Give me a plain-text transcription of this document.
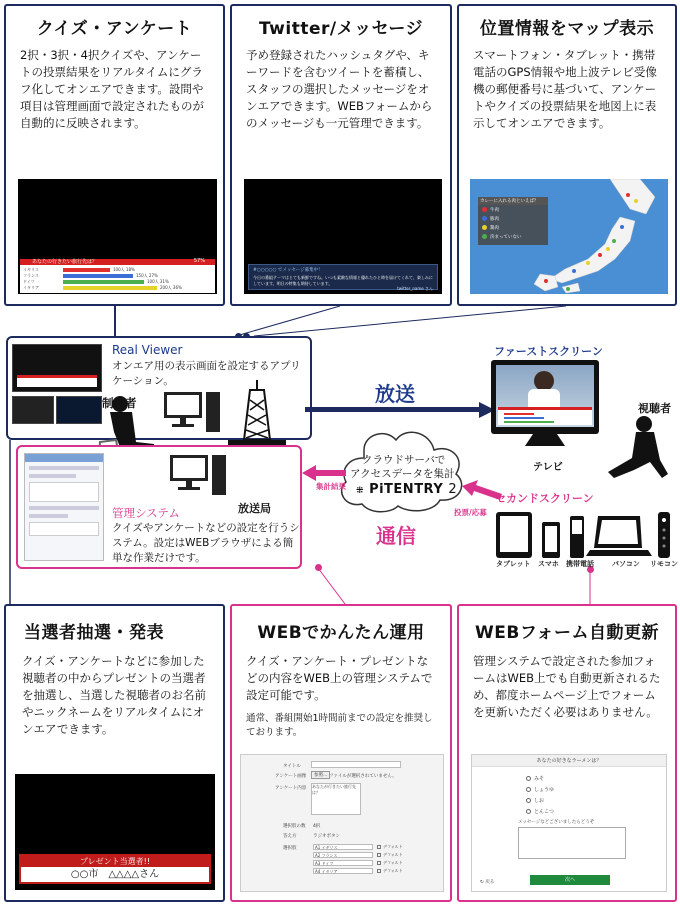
クイズ・アンケート

2択・3択・4択クイズや、アンケートの投票結果をリアルタイムにグラフ化してオンエアできます。設問や項目は管理画面で設定されたものが自動的に反映されます。

あなたの行きたい旅行先は？	57%
イギリス	100人 18%
フランス	150人 27%
ドイツ	100人 31%
イタリア	200人 36%
Twitter/メッセージ

予め登録されたハッシュタグや、キーワードを含むツイートを蓄積し、スタッフの選択したメッセージをオンエアできます。WEBフォームからのメッセージも一元管理できます。

#○○○○○ でメッセージ募集中！
今日の番組テーマはとても新鮮ですね。いつも素敵な情報と優れたひと時を届けてくれて、楽しみにしています。明日の特集も期待しています。
twitter_name さん
位置情報をマップ表示

スマートフォン・タブレット・携帯電話のGPS情報や地上波テレビ受像機の郵便番号に基づいて、アンケートやクイズの投票結果を地図上に表示してオンエアできます。

カレーに入れる肉といえば？
牛肉
豚肉
鶏肉
決まっていない
Real Viewer
オンエア用の表示画面を設定するアプリケーション。
制作者	放送
ファーストスクリーン
テレビ
視聴者
クラウドサーバで
アクセスデータを集計
⁜ PiTENTRY 2
集計結果
投票/応募
通信
セカンドスクリーン
タブレット スマホ 携帯電話	パソコン リモコン
管理システム
クイズやアンケートなどの設定を行うシステム。設定はWEBブラウザによる簡単な作業だけです。
放送局
当選者抽選・発表

クイズ・アンケートなどに参加した視聴者の中からプレゼントの当選者を抽選し、当選した視聴者のお名前やニックネームをリアルタイムにオンエアできます。

プレゼント当選者!!
○○市　△△△△さん
WEBでかんたん運用

クイズ・アンケート・プレゼントなどの内容をWEB上の管理システムで設定可能です。

通常、番組開始1時間前までの設定を推奨しております。

タイトル
アンケート画像	参照... ファイルが選択されていません。
アンケート内容 あなたが行きたい旅行先は？
選択肢の数 4択
答え方	ラジオボタン
選択肢	A1 イギリス	デフォルト
A2 フランス	デフォルト
A3 ドイツ	デフォルト
A4 イタリア	デフォルト
WEBフォーム自動更新

管理システムで設定された参加フォームはWEB上でも自動更新されるため、都度ホームページ上でフォームを更新いただく必要はありません。

あなたの好きなラーメンは？
みそ
しょうゆ
しお
とんこつ
メッセージなどございましたらどうぞ
↻ 戻る	次へ
